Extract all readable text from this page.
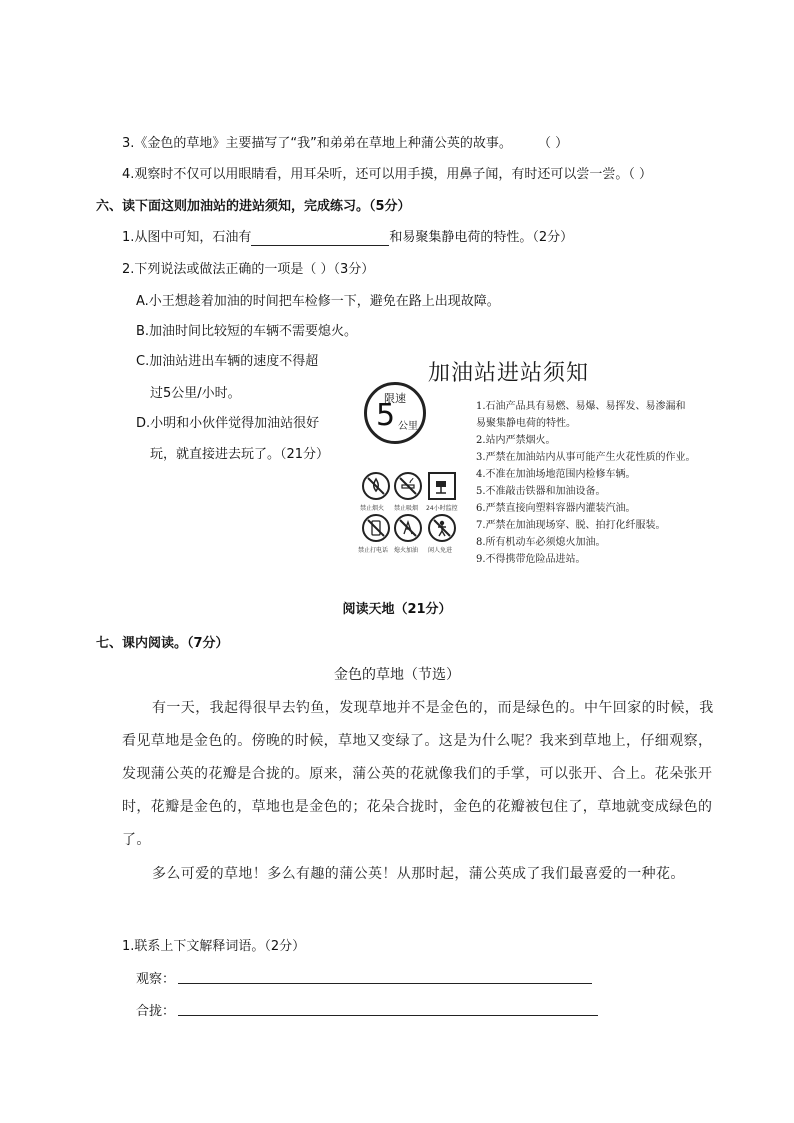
3.《金色的草地》主要描写了“我”和弟弟在草地上种蒲公英的故事。 （ ）
4.观察时不仅可以用眼睛看，用耳朵听，还可以用手摸，用鼻子闻，有时还可以尝一尝。（ ）
六、读下面这则加油站的进站须知，完成练习。（5分）
1.从图中可知，石油有	和易聚集静电荷的特性。（2分）
2.下列说法或做法正确的一项是（ ）（3分）
A.小王想趁着加油的时间把车检修一下，避免在路上出现故障。
B.加油时间比较短的车辆不需要熄火。
C.加油站进出车辆的速度不得超
过5公里/小时。
D.小明和小伙伴觉得加油站很好
玩，就直接进去玩了。（21分）
加油站进站须知
限速
5 公里
禁止烟火 禁止吸烟 24小时监控
禁止打电话 熄火加油 闲人免进
1.石油产品具有易燃、易爆、易挥发、易渗漏和
易聚集静电荷的特性。
2.站内严禁烟火。
3.严禁在加油站内从事可能产生火花性质的作业。
4.不准在加油场地范围内检修车辆。
5.不准敲击铁器和加油设备。
6.严禁直接向塑料容器内灌装汽油。
7.严禁在加油现场穿、脱、拍打化纤服装。
8.所有机动车必须熄火加油。
9.不得携带危险品进站。
阅读天地（21分）
七、课内阅读。（7分）
金色的草地（节选）
有一天，我起得很早去钓鱼，发现草地并不是金色的，而是绿色的。中午回家的时候，我看见草地是金色的。傍晚的时候，草地又变绿了。这是为什么呢？我来到草地上，仔细观察，发现蒲公英的花瓣是合拢的。原来，蒲公英的花就像我们的手掌，可以张开、合上。花朵张开时，花瓣是金色的，草地也是金色的；花朵合拢时，金色的花瓣被包住了，草地就变成绿色的了。
多么可爱的草地！多么有趣的蒲公英！从那时起，蒲公英成了我们最喜爱的一种花。
1.联系上下文解释词语。（2分）
观察：
合拢：
